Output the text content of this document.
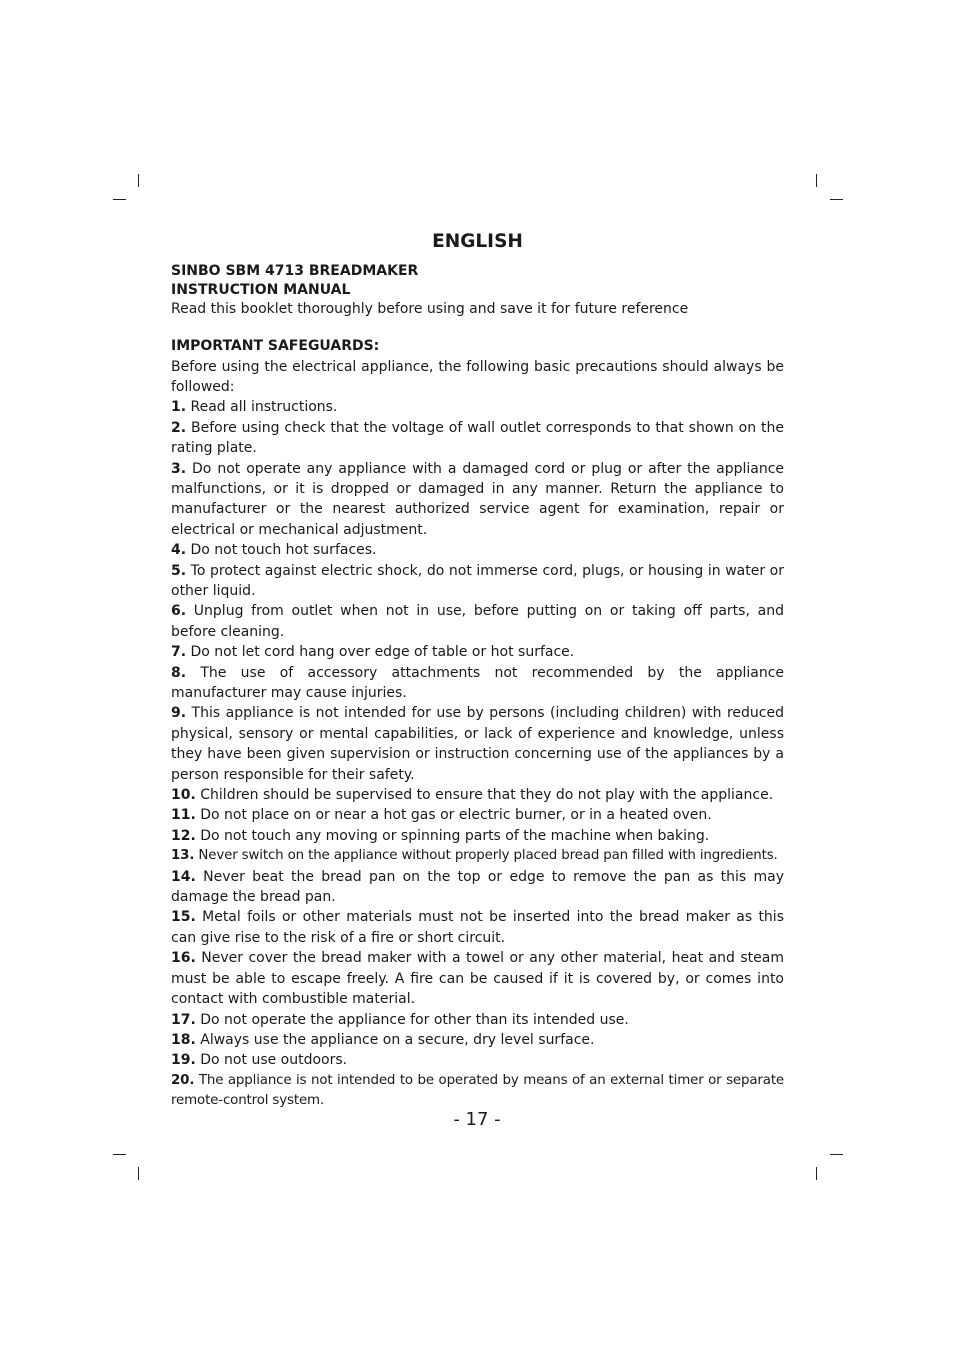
ENGLISH
SINBO SBM 4713 BREADMAKER
INSTRUCTION MANUAL
Read this booklet thoroughly before using and save it for future reference
IMPORTANT SAFEGUARDS:

Before using the electrical appliance, the following basic precautions should always be followed:

1. Read all instructions.

2. Before using check that the voltage of wall outlet corresponds to that shown on the rating plate.

3. Do not operate any appliance with a damaged cord or plug or after the appliance malfunctions, or it is dropped or damaged in any manner. Return the appliance to manufacturer or the nearest authorized service agent for examination, repair or electrical or mechanical adjustment.

4. Do not touch hot surfaces.

5. To protect against electric shock, do not immerse cord, plugs, or housing in water or other liquid.

6. Unplug from outlet when not in use, before putting on or taking off parts, and before cleaning.

7. Do not let cord hang over edge of table or hot surface.

8. The use of accessory attachments not recommended by the appliance manufacturer may cause injuries.

9. This appliance is not intended for use by persons (including children) with reduced physical, sensory or mental capabilities, or lack of experience and knowledge, unless they have been given supervision or instruction concerning use of the appliances by a person responsible for their safety.

10. Children should be supervised to ensure that they do not play with the appliance.

11. Do not place on or near a hot gas or electric burner, or in a heated oven.

12. Do not touch any moving or spinning parts of the machine when baking.

13. Never switch on the appliance without properly placed bread pan filled with ingredients.

14. Never beat the bread pan on the top or edge to remove the pan as this may damage the bread pan.

15. Metal foils or other materials must not be inserted into the bread maker as this can give rise to the risk of a fire or short circuit.

16. Never cover the bread maker with a towel or any other material, heat and steam must be able to escape freely. A fire can be caused if it is covered by, or comes into contact with combustible material.

17. Do not operate the appliance for other than its intended use.

18. Always use the appliance on a secure, dry level surface.

19. Do not use outdoors.

20. The appliance is not intended to be operated by means of an external timer or separate remote-control system.

- 17 -
